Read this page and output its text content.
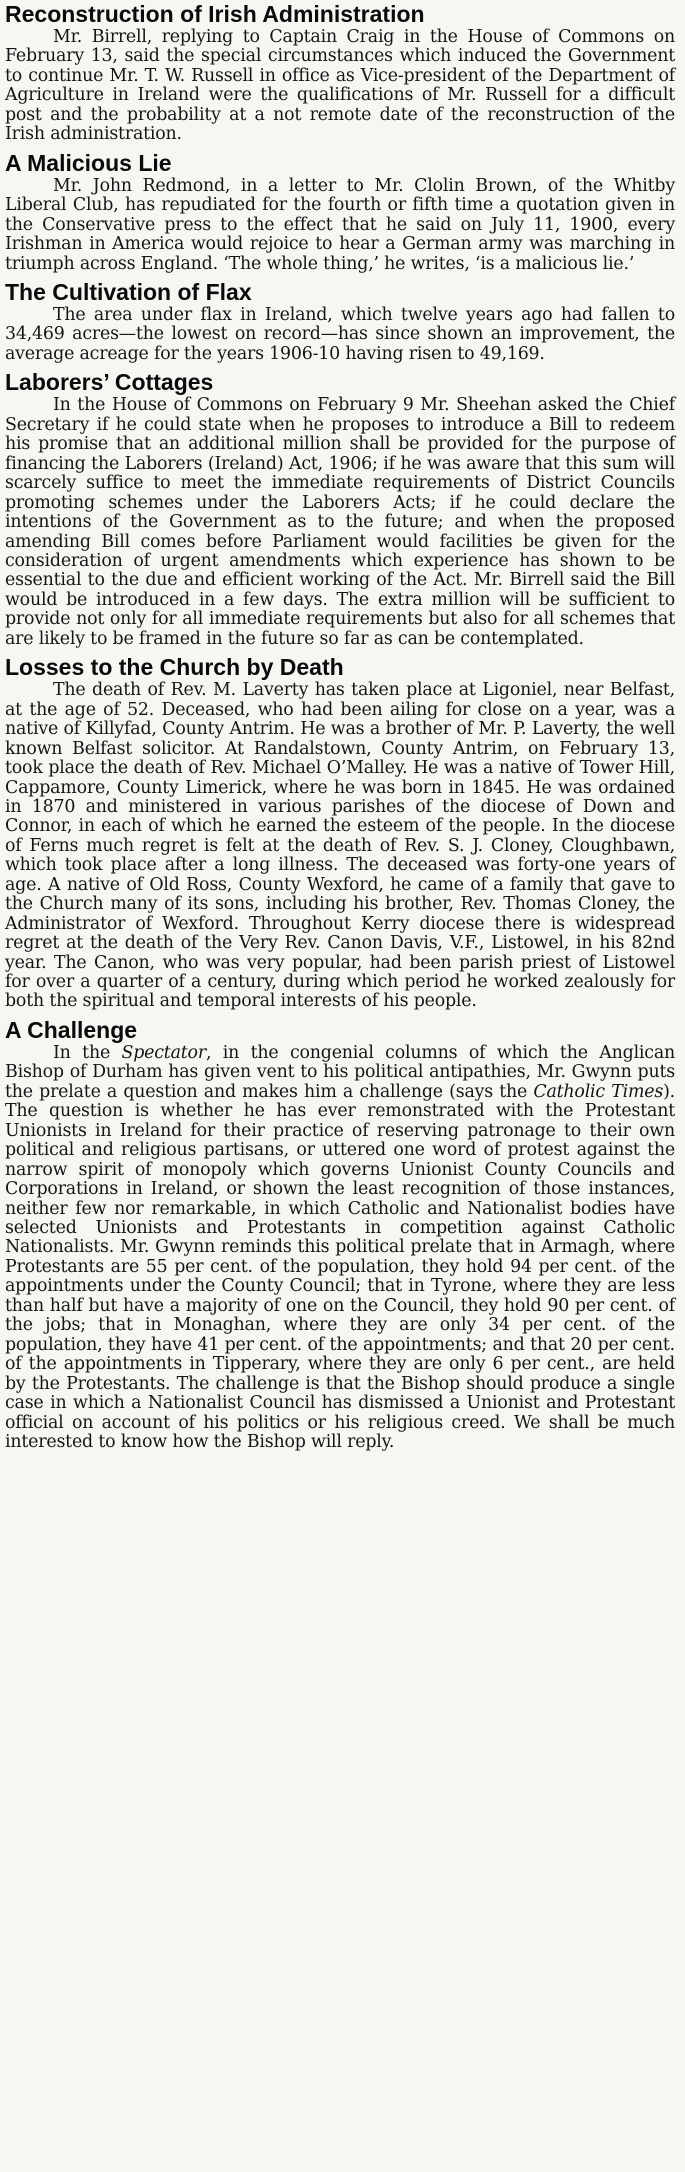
Reconstruction of Irish Administration

Mr. Birrell, replying to Captain Craig in the House of Commons on February 13, said the special circumstances which induced the Government to continue Mr. T. W. Russell in office as Vice-president of the Department of Agriculture in Ireland were the qualifications of Mr. Russell for a difficult post and the probability at a not remote date of the reconstruction of the Irish administration.

A Malicious Lie

Mr. John Redmond, in a letter to Mr. Clolin Brown, of the Whitby Liberal Club, has repudiated for the fourth or fifth time a quotation given in the Conservative press to the effect that he said on July 11, 1900, every Irishman in America would rejoice to hear a German army was marching in triumph across England. ‘The whole thing,’ he writes, ‘is a malicious lie.’

The Cultivation of Flax

The area under flax in Ireland, which twelve years ago had fallen to 34,469 acres—the lowest on record—has since shown an improvement, the average acreage for the years 1906-10 having risen to 49,169.

Laborers’ Cottages

In the House of Commons on February 9 Mr. Sheehan asked the Chief Secretary if he could state when he proposes to introduce a Bill to redeem his promise that an additional million shall be provided for the purpose of financing the Laborers (Ireland) Act, 1906; if he was aware that this sum will scarcely suffice to meet the immediate requirements of District Councils promoting schemes under the Laborers Acts; if he could declare the intentions of the Government as to the future; and when the proposed amending Bill comes before Parliament would facilities be given for the consideration of urgent amendments which experience has shown to be essential to the due and efficient working of the Act. Mr. Birrell said the Bill would be introduced in a few days. The extra million will be sufficient to provide not only for all immediate requirements but also for all schemes that are likely to be framed in the future so far as can be contemplated.

Losses to the Church by Death

The death of Rev. M. Laverty has taken place at Ligoniel, near Belfast, at the age of 52. Deceased, who had been ailing for close on a year, was a native of Killyfad, County Antrim. He was a brother of Mr. P. Laverty, the well known Belfast solicitor. At Randalstown, County Antrim, on February 13, took place the death of Rev. Michael O’Malley. He was a native of Tower Hill, Cappamore, County Limerick, where he was born in 1845. He was ordained in 1870 and ministered in various parishes of the diocese of Down and Connor, in each of which he earned the esteem of the people. In the diocese of Ferns much regret is felt at the death of Rev. S. J. Cloney, Cloughbawn, which took place after a long illness. The deceased was forty-one years of age. A native of Old Ross, County Wexford, he came of a family that gave to the Church many of its sons, including his brother, Rev. Thomas Cloney, the Administrator of Wexford. Throughout Kerry diocese there is widespread regret at the death of the Very Rev. Canon Davis, V.F., Listowel, in his 82nd year. The Canon, who was very popular, had been parish priest of Listowel for over a quarter of a century, during which period he worked zealously for both the spiritual and temporal interests of his people.

A Challenge

In the Spectator, in the congenial columns of which the Anglican Bishop of Durham has given vent to his political antipathies, Mr. Gwynn puts the prelate a question and makes him a challenge (says the Catholic Times). The question is whether he has ever remonstrated with the Protestant Unionists in Ireland for their practice of reserving patronage to their own political and religious partisans, or uttered one word of protest against the narrow spirit of monopoly which governs Unionist County Councils and Corporations in Ireland, or shown the least recognition of those instances, neither few nor remarkable, in which Catholic and Nationalist bodies have selected Unionists and Protestants in competition against Catholic Nationalists. Mr. Gwynn reminds this political prelate that in Armagh, where Protestants are 55 per cent. of the population, they hold 94 per cent. of the appointments under the County Council; that in Tyrone, where they are less than half but have a majority of one on the Council, they hold 90 per cent. of the jobs; that in Monaghan, where they are only 34 per cent. of the population, they have 41 per cent. of the appointments; and that 20 per cent. of the appointments in Tipperary, where they are only 6 per cent., are held by the Protestants. The challenge is that the Bishop should produce a single case in which a Nationalist Council has dismissed a Unionist and Protestant official on account of his politics or his religious creed. We shall be much interested to know how the Bishop will reply.
